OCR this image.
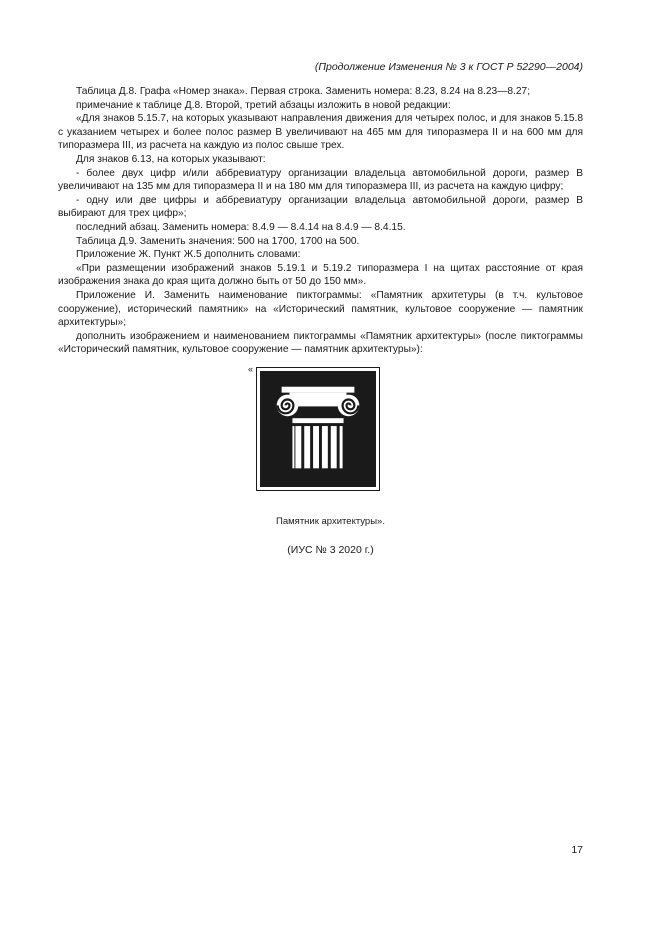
(Продолжение Изменения № 3 к ГОСТ Р 52290—2004)

Таблица Д.8. Графа «Номер знака». Первая строка. Заменить номера: 8.23, 8.24 на 8.23—8.27;

примечание к таблице Д.8. Второй, третий абзацы изложить в новой редакции:

«Для знаков 5.15.7, на которых указывают направления движения для четырех полос, и для знаков 5.15.8 с указанием четырех и более полос размер В увеличивают на 465 мм для типоразмера II и на 600 мм для типоразмера III, из расчета на каждую из полос свыше трех.

Для знаков 6.13, на которых указывают:

- более двух цифр и/или аббревиатуру организации владельца автомобильной дороги, размер В увеличивают на 135 мм для типоразмера II и на 180 мм для типоразмера III, из расчета на каждую цифру;

- одну или две цифры и аббревиатуру организации владельца автомобильной дороги, размер В выбирают для трех цифр»;

последний абзац. Заменить номера: 8.4.9 — 8.4.14 на 8.4.9 — 8.4.15.

Таблица Д.9. Заменить значения: 500 на 1700, 1700 на 500.

Приложение Ж. Пункт Ж.5 дополнить словами:

«При размещении изображений знаков 5.19.1 и 5.19.2 типоразмера I на щитах расстояние от края изображения знака до края щита должно быть от 50 до 150 мм».

Приложение И. Заменить наименование пиктограммы: «Памятник архитетуры (в т.ч. культовое сооружение), исторический памятник» на «Исторический памятник, культовое сооружение — памятник архитектуры»;

дополнить изображением и наименованием пиктограммы «Памятник архитектуры» (после пиктограммы «Исторический памятник, культовое сооружение — памятник архитектуры»):

«
Памятник архитектуры».
(ИУС № 3 2020 г.)
17
